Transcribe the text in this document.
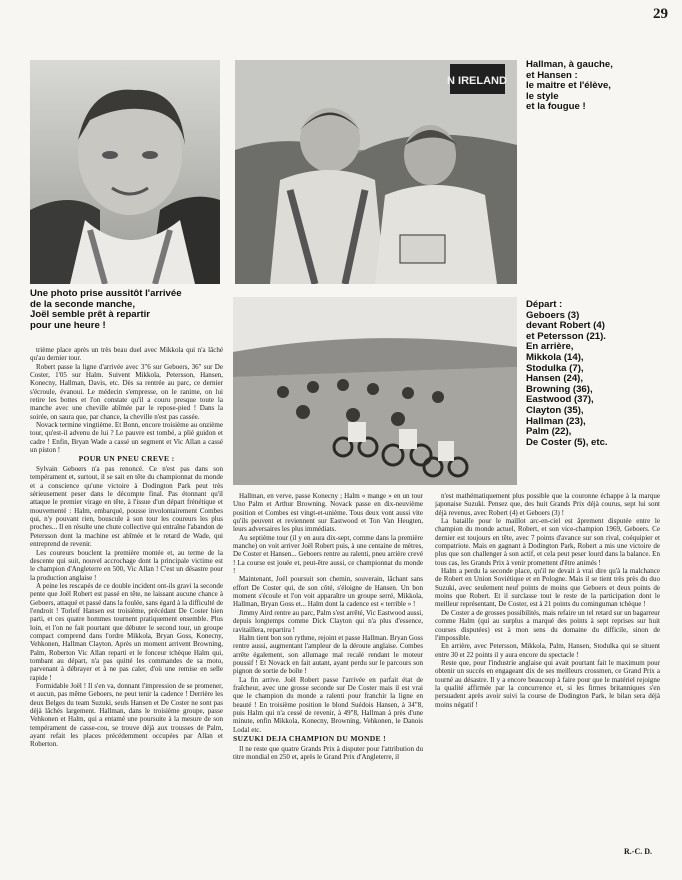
29
N IRELAND
Hallman, à gauche,
et Hansen :
le maitre et l'élève,
le style
et la fougue !
Une photo prise aussitôt l'arrivée
de la seconde manche,
Joël semble prêt à repartir
pour une heure !
Départ :
Geboers (3)
devant Robert (4)
et Petersson (21).
En arrière,
Mikkola (14),
Stodulka (7),
Hansen (24),
Browning (36),
Eastwood (37),
Clayton (35),
Hallman (23),
Palm (22),
De Coster (5), etc.

trième place après un très beau duel avec Mikkola qui n'a lâché qu'au dernier tour.

Robert passe la ligne d'arrivée avec 3"6 sur Geboers, 36" sur De Coster, 1'05 sur Halm. Suivent Mikkola, Petersson, Hansen, Konecny, Hallman, Davis, etc. Dès sa rentrée au parc, ce dernier s'écroule, évanoui. Le médecin s'empresse, on le ranime, on lui retire les bottes et l'on constate qu'il a couru presque toute la manche avec une cheville abîmée par le repose-pied ! Dans la soirée, on saura que, par chance, la cheville n'est pas cassée.

Novack termine vingtième. Et Bonn, encore troisième au onzième tour, qu'est-il advenu de lui ? Le pauvre est tombé, a plié guidon et cadre ! Enfin, Bryan Wade a cassé un segment et Vic Allan a cassé un piston !

POUR UN PNEU CREVE :

Sylvain Geboers n'a pas renoncé. Ce n'est pas dans son tempérament et, surtout, il se sait en tête du championnat du monde et a conscience qu'une victoire à Dodington Park peut très sérieusement peser dans le décompte final. Pas étonnant qu'il attaque le premier virage en tête, à l'issue d'un départ frénétique et mouvementé : Halm, embarqué, pousse involontairement Combes qui, n'y pouvant rien, bouscule à son tour les coureurs les plus proches... Il en résulte une chute collective qui entraîne l'abandon de Petersson dont la machine est abîmée et le retard de Wade, qui entreprend de revenir.

Les coureurs bouclent la première montée et, au terme de la descente qui suit, nouvel accrochage dont la principale victime est le champion d'Angleterre en 500, Vic Allan ! C'est un désastre pour la production anglaise !

A peine les rescapés de ce double incident ont-ils gravi la seconde pente que Joël Robert est passé en tête, ne laissant aucune chance à Geboers, attaqué et passé dans la foulée, sans égard à la difficulté de l'endroit ! Torleif Hansen est troisième, précédant De Coster bien parti, et ces quatre hommes tournent pratiquement ensemble. Plus loin, et l'on ne fait pourtant que débuter le second tour, un groupe compact comprend dans l'ordre Mikkola, Bryan Goss, Konecny, Vehkonen, Hallman Clayton. Après un moment arrivent Browning, Palm, Roberton Vic Allan reparti et le fonceur tchèque Halm qui, tombant au départ, n'a pas quitté les commandes de sa moto, parvenant à débrayer et à ne pas caler, d'où une remise en selle rapide !

Formidable Joël ! Il s'en va, donnant l'impression de se promener, et aucun, pas même Geboers, ne peut tenir la cadence ! Derrière les deux Belges du team Suzuki, seuls Hansen et De Coster ne sont pas déjà lâchés largement. Hallman, dans le troisième groupe, passe Vehkonen et Halm, qui a entamé une poursuite à la mesure de son tempérament de casse-cou, se trouve déjà aux trousses de Palm, ayant refait les places précédemment occupées par Allan et Roberton.

Hallman, en verve, passe Konecny ; Halm « mange » en un tour Uno Palm et Arthur Browning. Novack passe en dix-neuvième position et Combes est vingt-et-unième. Tous deux vont aussi vite qu'ils peuvent et reviennent sur Eastwood et Ton Van Heugten, leurs adversaires les plus immédiats.

Au septième tour (il y en aura dix-sept, comme dans la première manche) on voit arriver Joël Robert puis, à une centaine de mètres, De Coster et Hansen... Geboers rentre au ralenti, pneu arrière crevé ! La course est jouée et, peut-être aussi, ce championnat du monde !

Maintenant, Joël poursuit son chemin, souverain, lâchant sans effort De Coster qui, de son côté, s'éloigne de Hansen. Un bon moment s'écoule et l'on voit apparaître un groupe serré, Mikkola, Hallman, Bryan Goss et... Halm dont la cadence est « terrible » !

Jimmy Aird rentre au parc, Palm s'est arrêté, Vic Eastwood aussi, depuis longtemps comme Dick Clayton qui n'a plus d'essence, ravitaillera, repartira !

Halm tient bon son rythme, rejoint et passe Hallman. Bryan Goss rentre aussi, augmentant l'ampleur de la déroute anglaise. Combes arrête également, son allumage mal recalé rendant le moteur poussif ! Et Novack en fait autant, ayant perdu sur le parcours son pignon de sortie de boîte !

La fin arrive. Joël Robert passe l'arrivée en parfait état de fraîcheur, avec une grosse seconde sur De Coster mais il est vrai que le champion du monde a ralenti pour franchir la ligne en beauté ! En troisième position le blond Suédois Hansen, à 34"8, puis Halm qui n'a cessé de revenir, à 49"8, Hallman à près d'une minute, enfin Mikkola, Konecny, Browning, Vehkonen, le Danois Lodal etc.

SUZUKI DEJA CHAMPION DU MONDE !

Il ne reste que quatre Grands Prix à disputer pour l'attribution du titre mondial en 250 et, après le Grand Prix d'Angleterre, il

n'est mathématiquement plus possible que la couronne échappe à la marque japonaise Suzuki. Pensez que, des huit Grands Prix déjà courus, sept lui sont déjà revenus, avec Robert (4) et Geboers (3) !

La bataille pour le maillot arc-en-ciel est âprement disputée entre le champion du monde actuel, Robert, et son vice-champion 1969, Geboers. Ce dernier est toujours en tête, avec 7 points d'avance sur son rival, coéquipier et compatriote. Mais en gagnant à Dodington Park, Robert a mis une victoire de plus que son challenger à son actif, et cela peut peser lourd dans la balance. En tous cas, les Grands Prix à venir promettent d'être animés !

Halm a perdu la seconde place, qu'il ne devait à vrai dire qu'à la malchance de Robert en Union Soviétique et en Pologne. Mais il se tient très près du duo Suzuki, avec seulement neuf points de moins que Geboers et deux points de moins que Robert. Et il surclasse tout le reste de la participation dont le meilleur représentant, De Coster, est à 21 points du cominguman tchèque !

De Coster a de grosses possibilités, mais refaire un tel retard sur un bagarreur comme Halm (qui au surplus a marqué des points à sept reprises sur huit courses disputées) est à mon sens du domaine du difficile, sinon de l'impossible.

En arrière, avec Petersson, Mikkola, Palm, Hansen, Stodulka qui se situent entre 30 et 22 points il y aura encore du spectacle !

Reste que, pour l'industrie anglaise qui avait pourtant fait le maximum pour obtenir un succès en engageant dix de ses meilleurs crossmen, ce Grand Prix a tourné au désastre. Il y a encore beaucoup à faire pour que le matériel rejoigne la qualité affirmée par la concurrence et, si les firmes britanniques s'en persuadent après avoir suivi la course de Dodington Park, le bilan sera déjà moins négatif !

R.-C. D.
